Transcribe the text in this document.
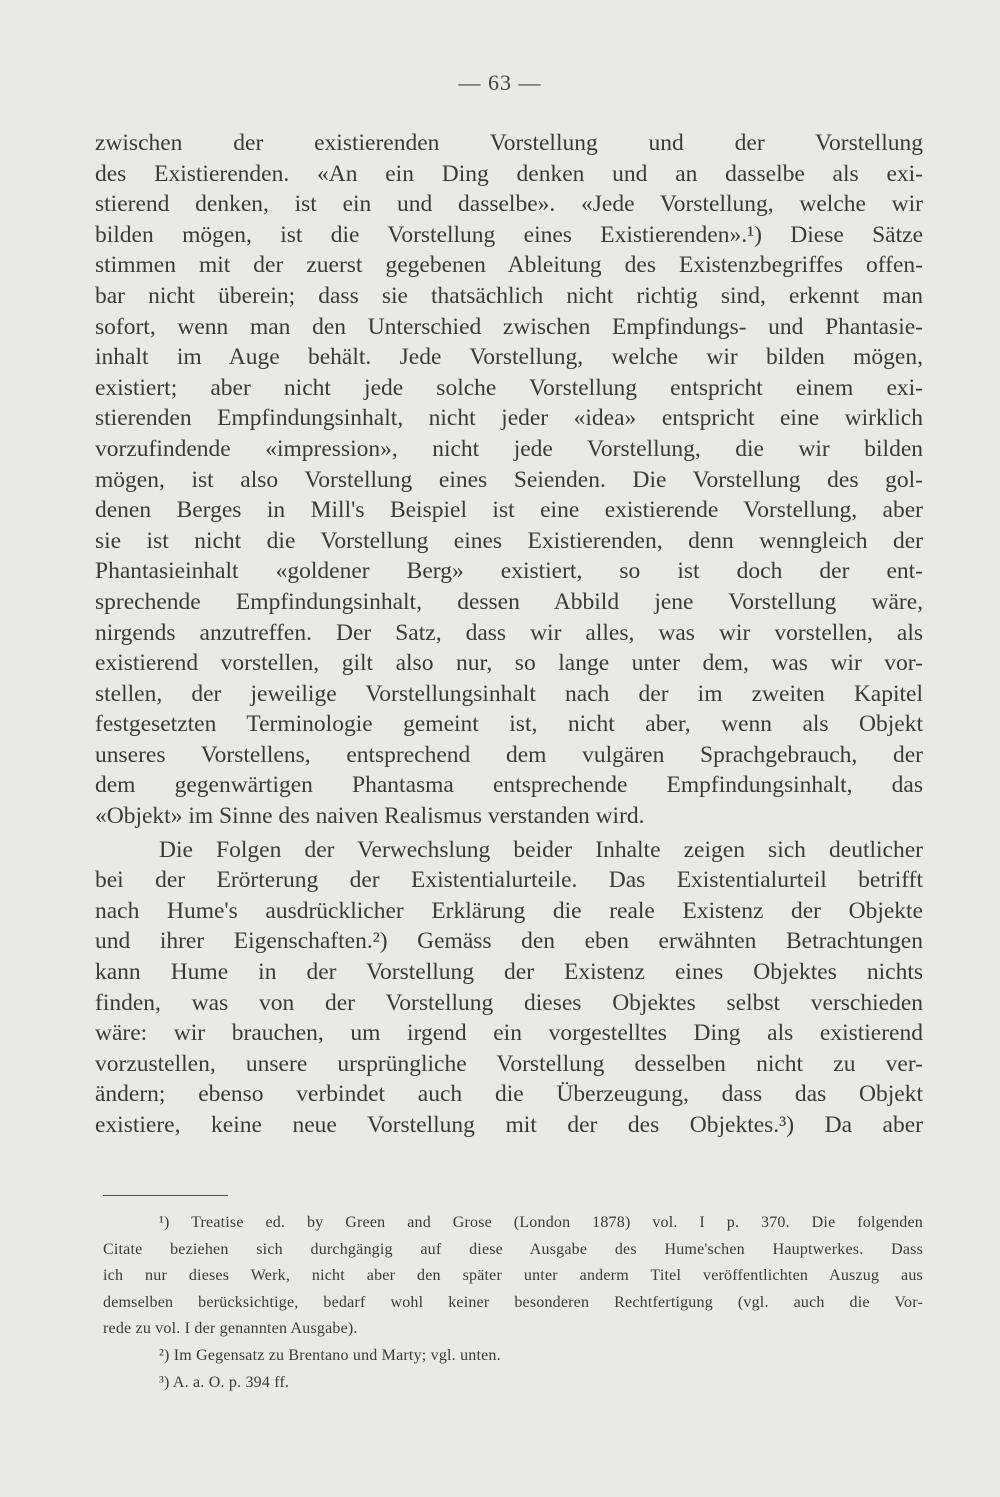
— 63 —
zwischen der existierenden Vorstellung und der Vorstellung
des Existierenden. «An ein Ding denken und an dasselbe als exi-
stierend denken, ist ein und dasselbe». «Jede Vorstellung, welche wir
bilden mögen, ist die Vorstellung eines Existierenden».¹) Diese Sätze
stimmen mit der zuerst gegebenen Ableitung des Existenzbegriffes offen-
bar nicht überein; dass sie thatsächlich nicht richtig sind, erkennt man
sofort, wenn man den Unterschied zwischen Empfindungs- und Phantasie-
inhalt im Auge behält. Jede Vorstellung, welche wir bilden mögen,
existiert; aber nicht jede solche Vorstellung entspricht einem exi-
stierenden Empfindungsinhalt, nicht jeder «idea» entspricht eine wirklich
vorzufindende «impression», nicht jede Vorstellung, die wir bilden
mögen, ist also Vorstellung eines Seienden. Die Vorstellung des gol-
denen Berges in Mill's Beispiel ist eine existierende Vorstellung, aber
sie ist nicht die Vorstellung eines Existierenden, denn wenngleich der
Phantasieinhalt «goldener Berg» existiert, so ist doch der ent-
sprechende Empfindungsinhalt, dessen Abbild jene Vorstellung wäre,
nirgends anzutreffen. Der Satz, dass wir alles, was wir vorstellen, als
existierend vorstellen, gilt also nur, so lange unter dem, was wir vor-
stellen, der jeweilige Vorstellungsinhalt nach der im zweiten Kapitel
festgesetzten Terminologie gemeint ist, nicht aber, wenn als Objekt
unseres Vorstellens, entsprechend dem vulgären Sprachgebrauch, der
dem gegenwärtigen Phantasma entsprechende Empfindungsinhalt, das
«Objekt» im Sinne des naiven Realismus verstanden wird.
Die Folgen der Verwechslung beider Inhalte zeigen sich deutlicher
bei der Erörterung der Existentialurteile. Das Existentialurteil betrifft
nach Hume's ausdrücklicher Erklärung die reale Existenz der Objekte
und ihrer Eigenschaften.²) Gemäss den eben erwähnten Betrachtungen
kann Hume in der Vorstellung der Existenz eines Objektes nichts
finden, was von der Vorstellung dieses Objektes selbst verschieden
wäre: wir brauchen, um irgend ein vorgestelltes Ding als existierend
vorzustellen, unsere ursprüngliche Vorstellung desselben nicht zu ver-
ändern; ebenso verbindet auch die Überzeugung, dass das Objekt
existiere, keine neue Vorstellung mit der des Objektes.³) Da aber
¹) Treatise ed. by Green and Grose (London 1878) vol. I p. 370. Die folgenden
Citate beziehen sich durchgängig auf diese Ausgabe des Hume'schen Hauptwerkes. Dass
ich nur dieses Werk, nicht aber den später unter anderm Titel veröffentlichten Auszug aus
demselben berücksichtige, bedarf wohl keiner besonderen Rechtfertigung (vgl. auch die Vor-
rede zu vol. I der genannten Ausgabe).
²) Im Gegensatz zu Brentano und Marty; vgl. unten.
³) A. a. O. p. 394 ff.
